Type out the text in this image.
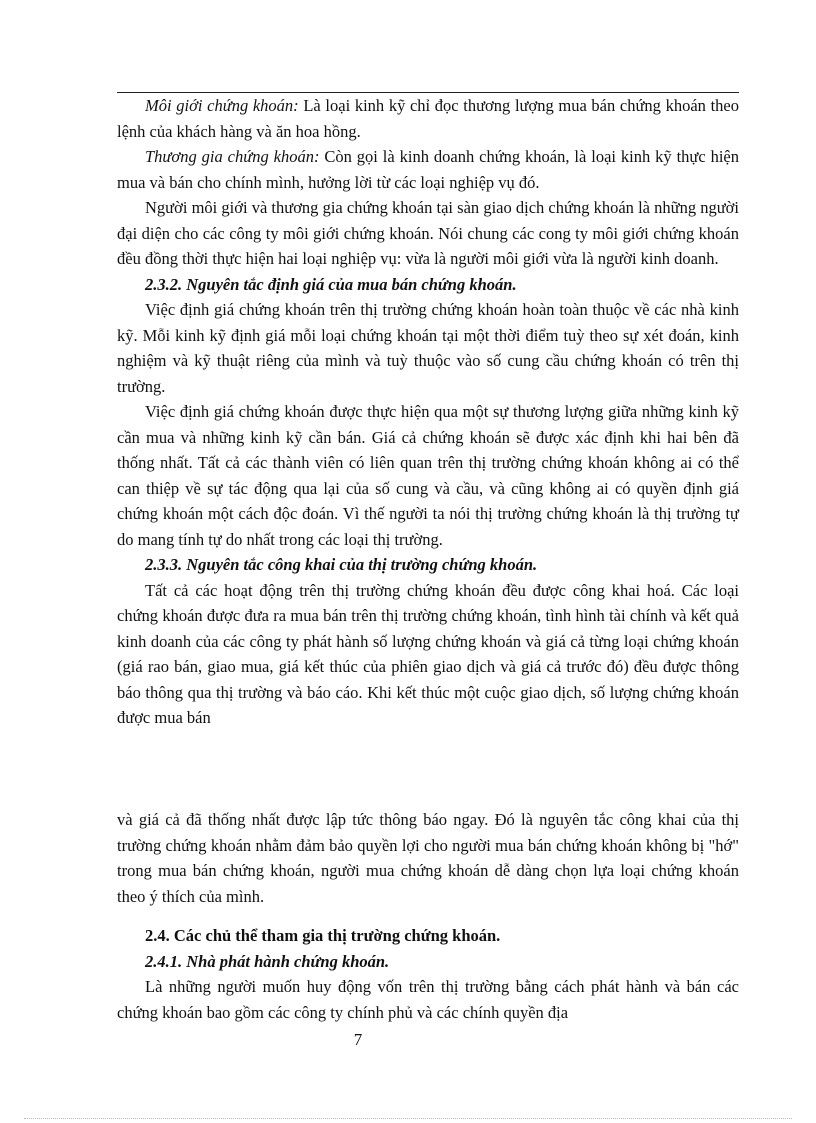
Môi giới chứng khoán: Là loại kinh kỹ chỉ đọc thương lượng mua bán chứng khoán theo lệnh của khách hàng và ăn hoa hồng.

Thương gia chứng khoán: Còn gọi là kinh doanh chứng khoán, là loại kinh kỹ thực hiện mua và bán cho chính mình, hưởng lời từ các loại nghiệp vụ đó.

Người môi giới và thương gia chứng khoán tại sàn giao dịch chứng khoán là những người đại diện cho các công ty môi giới chứng khoán. Nói chung các cong ty môi giới chứng khoán đều đồng thời thực hiện hai loại nghiệp vụ: vừa là người môi giới vừa là người kinh doanh.

2.3.2. Nguyên tắc định giá của mua bán chứng khoán.

Việc định giá chứng khoán trên thị trường chứng khoán hoàn toàn thuộc về các nhà kinh kỹ. Mỗi kinh kỹ định giá mỗi loại chứng khoán tại một thời điểm tuỳ theo sự xét đoán, kinh nghiệm và kỹ thuật riêng của mình và tuỳ thuộc vào số cung cầu chứng khoán có trên thị trường.

Việc định giá chứng khoán được thực hiện qua một sự thương lượng giữa những kinh kỹ cần mua và những kinh kỹ cần bán. Giá cả chứng khoán sẽ được xác định khi hai bên đã thống nhất. Tất cả các thành viên có liên quan trên thị trường chứng khoán không ai có thể can thiệp về sự tác động qua lại của số cung và cầu, và cũng không ai có quyền định giá chứng khoán một cách độc đoán. Vì thế người ta nói thị trường chứng khoán là thị trường tự do mang tính tự do nhất trong các loại thị trường.

2.3.3. Nguyên tắc công khai của thị trường chứng khoán.

Tất cả các hoạt động trên thị trường chứng khoán đều được công khai hoá. Các loại chứng khoán được đưa ra mua bán trên thị trường chứng khoán, tình hình tài chính và kết quả kinh doanh của các công ty phát hành số lượng chứng khoán và giá cả từng loại chứng khoán (giá rao bán, giao mua, giá kết thúc của phiên giao dịch và giá cả trước đó) đều được thông báo thông qua thị trường và báo cáo. Khi kết thúc một cuộc giao dịch, số lượng chứng khoán được mua bán

và giá cả đã thống nhất được lập tức thông báo ngay. Đó là nguyên tắc công khai của thị trường chứng khoán nhằm đảm bảo quyền lợi cho người mua bán chứng khoán không bị "hớ" trong mua bán chứng khoán, người mua chứng khoán dễ dàng chọn lựa loại chứng khoán theo ý thích của mình.

2.4. Các chủ thể tham gia thị trường chứng khoán.

2.4.1. Nhà phát hành chứng khoán.

Là những người muốn huy động vốn trên thị trường bằng cách phát hành và bán các chứng khoán bao gồm các công ty chính phủ và các chính quyền địa

7
